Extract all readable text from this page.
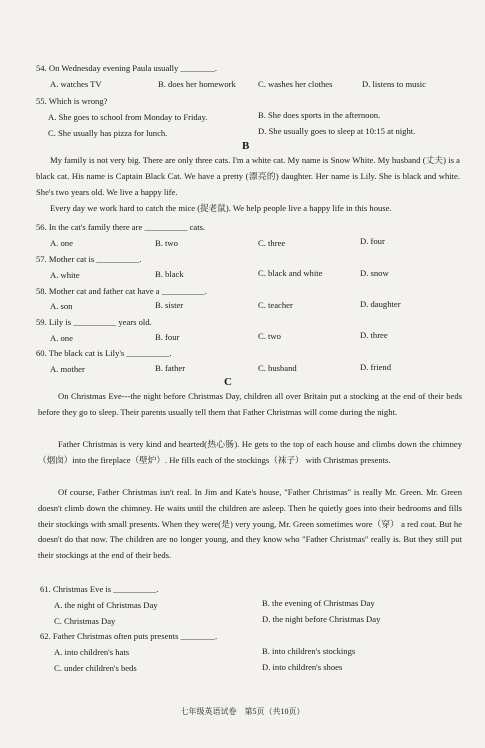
54. On Wednesday evening Paula usually ________.
A. watches TV	B. does her homework	C. washes her clothes	D. listens to music
55. Which is wrong?
A. She goes to school from Monday to Friday.	B. She does sports in the afternoon.
C. She usually has pizza for lunch.	D. She usually goes to sleep at 10:15 at night.
B
My family is not very big. There are only three cats. I'm a white cat. My name is Snow White. My husband (丈夫) is a black cat. His name is Captain Black Cat. We have a pretty (漂亮的) daughter. Her name is Lily. She is black and white. She's two years old. We live a happy life.
Every day we work hard to catch the mice (捉老鼠). We help people live a happy life in this house.
56. In the cat's family there are __________ cats.
A. one	B. two	C. three	D. four
57. Mother cat is __________.
A. white	B. black	C. black and white	D. snow
58. Mother cat and father cat have a __________.
A. son	B. sister	C. teacher	D. daughter
59. Lily is __________ years old.
A. one	B. four	C. two	D. three
60. The black cat is Lily's __________.
A. mother	B. father	C. husband	D. friend
C
On Christmas Eve---the night before Christmas Day, children all over Britain put a stocking at the end of their beds before they go to sleep. Their parents usually tell them that Father Christmas will come during the night.
Father Christmas is very kind and hearted(热心肠). He gets to the top of each house and climbs down the chimney（烟囱）into the fireplace（壁炉）. He fills each of the stockings（袜子） with Christmas presents.
Of course, Father Christmas isn't real. In Jim and Kate's house, "Father Christmas" is really Mr. Green. Mr. Green doesn't climb down the chimney. He waits until the children are asleep. Then he quietly goes into their bedrooms and fills their stockings with small presents. When they were(是) very young, Mr. Green sometimes wore（穿） a red coat. But he doesn't do that now. The children are no longer young, and they know who "Father Christmas" really is. But they still put their stockings at the end of their beds.
61. Christmas Eve is __________.
A. the night of Christmas Day	B. the evening of Christmas Day
C. Christmas Day	D. the night before Christmas Day
62. Father Christmas often puts presents ________.
A. into children's hats	B. into children's stockings
C. under children's beds	D. into children's shoes
七年级英语试卷　第5页（共10页）
